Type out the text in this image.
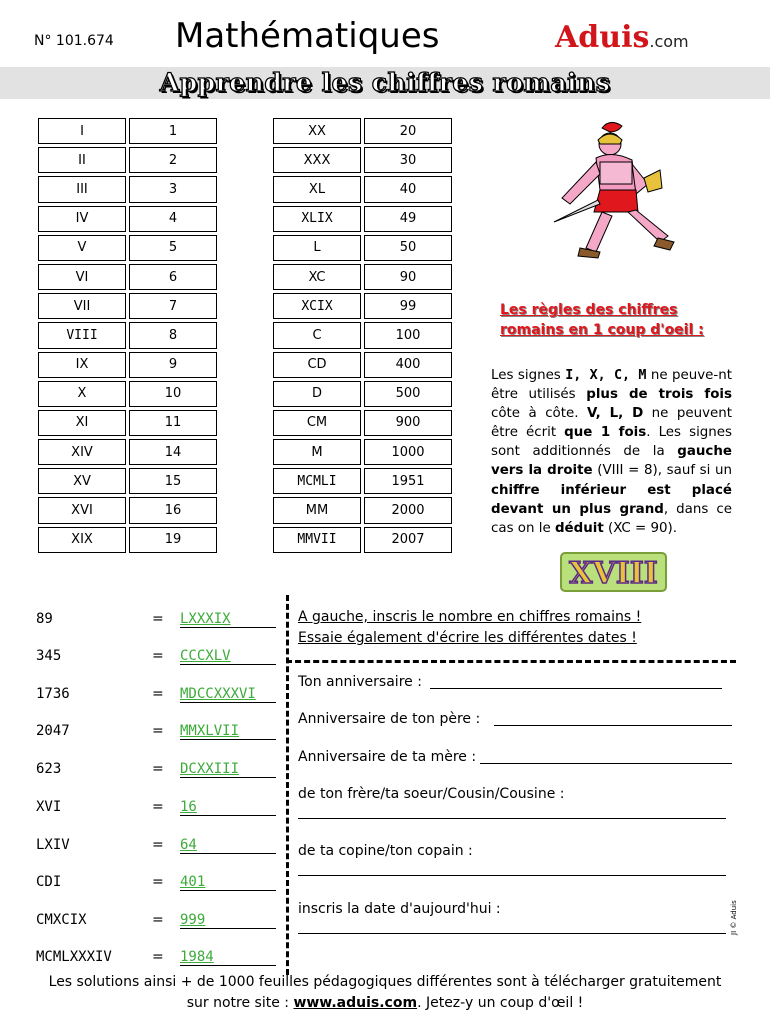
N° 101.674 Mathématiques	Aduis.com
Apprendre les chiffres romains
I	1
II	2
III	3
IV	4
V	5
VI	6
VII	7
VIII	8
IX	9
X	10
XI	11
XIV	14
XV	15
XVI	16
XIX	19
XX	20
XXX	30
XL	40
XLIX	49
L	50
XC	90
XCIX	99
C	100
CD	400
D	500
CM	900
M	1000
MCMLI	1951
MM	2000
MMVII	2007
Les règles des chiffres romains en 1 coup d'oeil :
Les signes I, X, C, M ne peuve-nt être utilisés plus de trois fois côte à côte. V, L, D ne peuvent être écrit que 1 fois. Les signes sont additionnés de la gauche vers la droite (VIII = 8), sauf si un chiffre inférieur est placé devant un plus grand, dans ce cas on le déduit (XC = 90).
XVIII
89	= LXXXIX
345	= CCCXLV
1736	= MDCCXXXVI
2047	= MMXLVII
623	= DCXXIII
XVI	= 16
LXIV	= 64
CDI	= 401
CMXCIX	= 999
MCMLXXXIV	= 1984
A gauche, inscris le nombre en chiffres romains !
Essaie également d'écrire les différentes dates !
Ton anniversaire :
Anniversaire de ton père :
Anniversaire de ta mère :
de ton frère/ta soeur/Cousin/Cousine :
de ta copine/ton copain :
inscris la date d'aujourd'hui :	JI © Aduis
Les solutions ainsi + de 1000 feuilles pédagogiques différentes sont à télécharger gratuitement
sur notre site : www.aduis.com. Jetez-y un coup d'œil !
